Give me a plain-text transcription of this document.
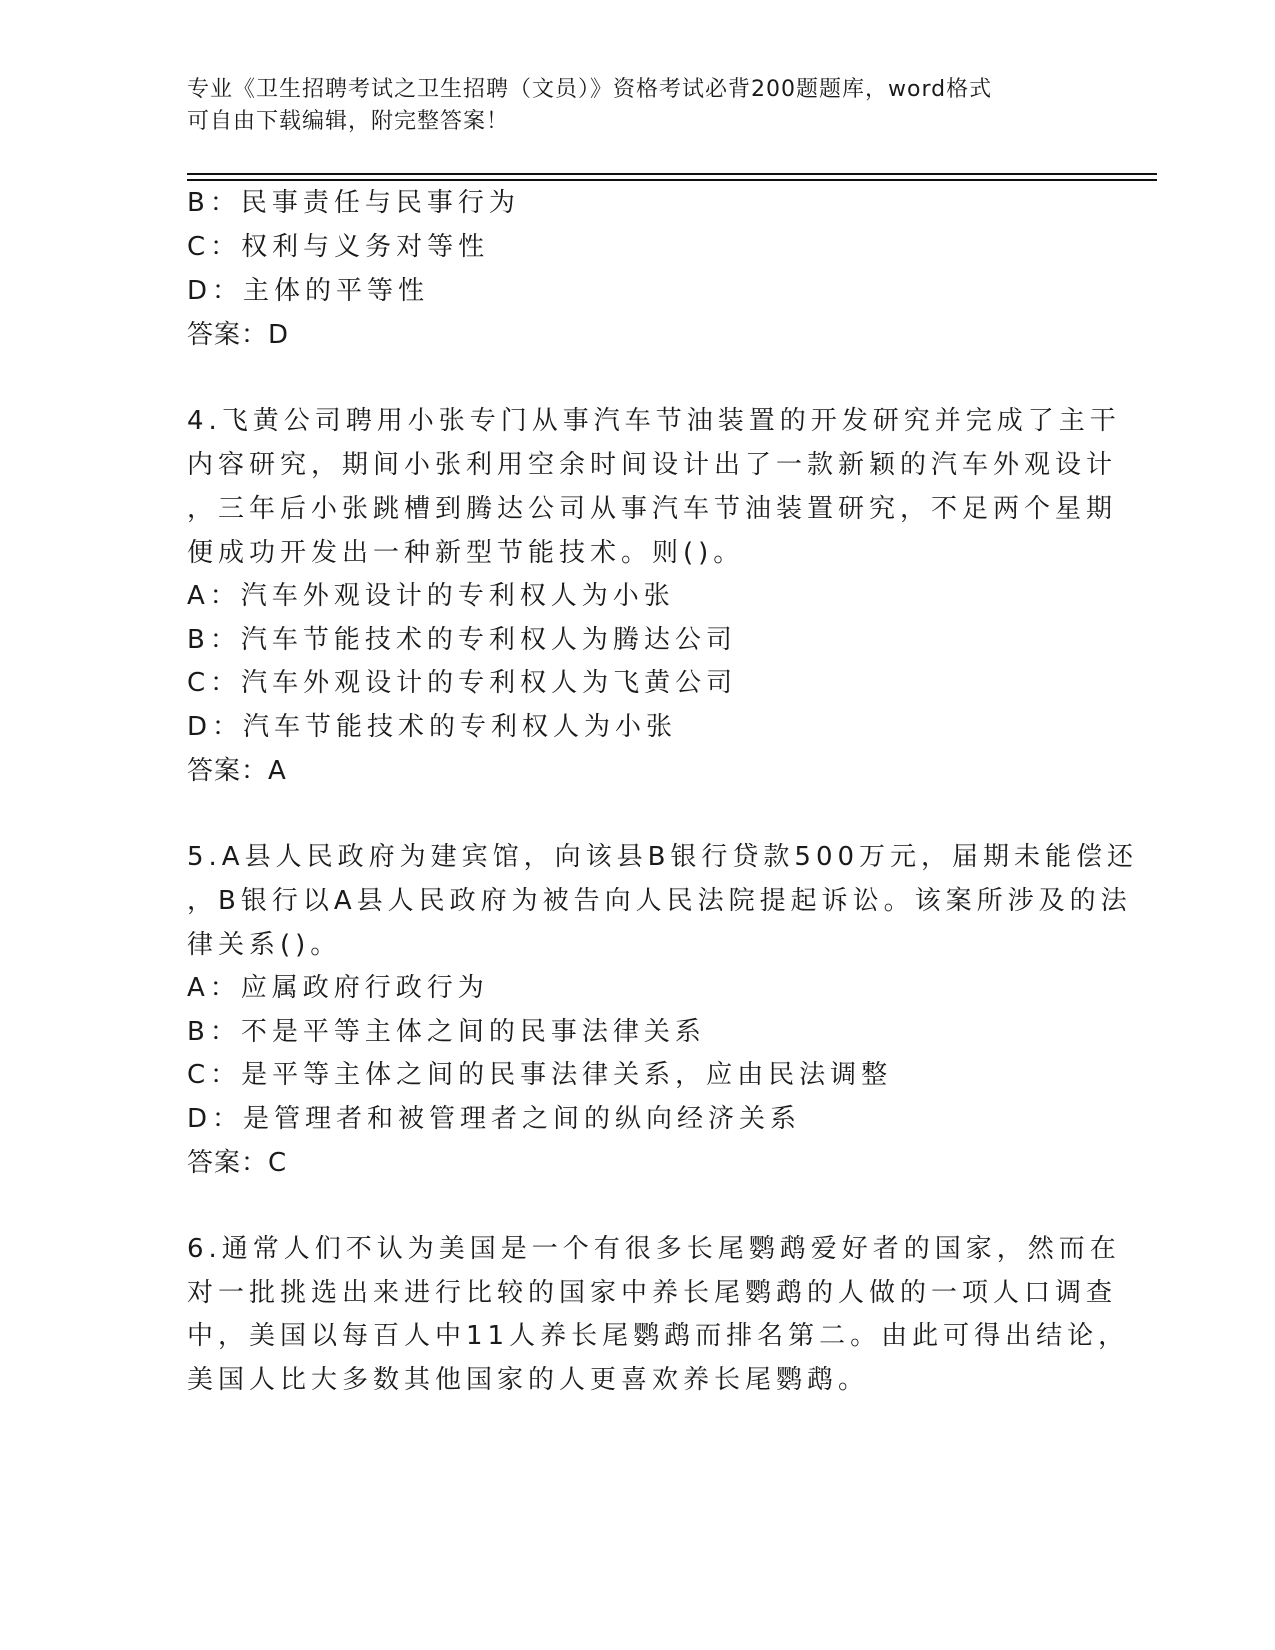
专业《卫生招聘考试之卫生招聘（文员）》资格考试必背200题题库，word格式
可自由下载编辑，附完整答案！
B：民事责任与民事行为
C：权利与义务对等性
D：主体的平等性
答案：D
4.飞黄公司聘用小张专门从事汽车节油装置的开发研究并完成了主干
内容研究，期间小张利用空余时间设计出了一款新颖的汽车外观设计
，三年后小张跳槽到腾达公司从事汽车节油装置研究，不足两个星期
便成功开发出一种新型节能技术。则()。
A：汽车外观设计的专利权人为小张
B：汽车节能技术的专利权人为腾达公司
C：汽车外观设计的专利权人为飞黄公司
D：汽车节能技术的专利权人为小张
答案：A
5.A县人民政府为建宾馆，向该县B银行贷款500万元，届期未能偿还
，B银行以A县人民政府为被告向人民法院提起诉讼。该案所涉及的法
律关系()。
A：应属政府行政行为
B：不是平等主体之间的民事法律关系
C：是平等主体之间的民事法律关系，应由民法调整
D：是管理者和被管理者之间的纵向经济关系
答案：C
6.通常人们不认为美国是一个有很多长尾鹦鹉爱好者的国家，然而在
对一批挑选出来进行比较的国家中养长尾鹦鹉的人做的一项人口调查
中，美国以每百人中11人养长尾鹦鹉而排名第二。由此可得出结论，
美国人比大多数其他国家的人更喜欢养长尾鹦鹉。
